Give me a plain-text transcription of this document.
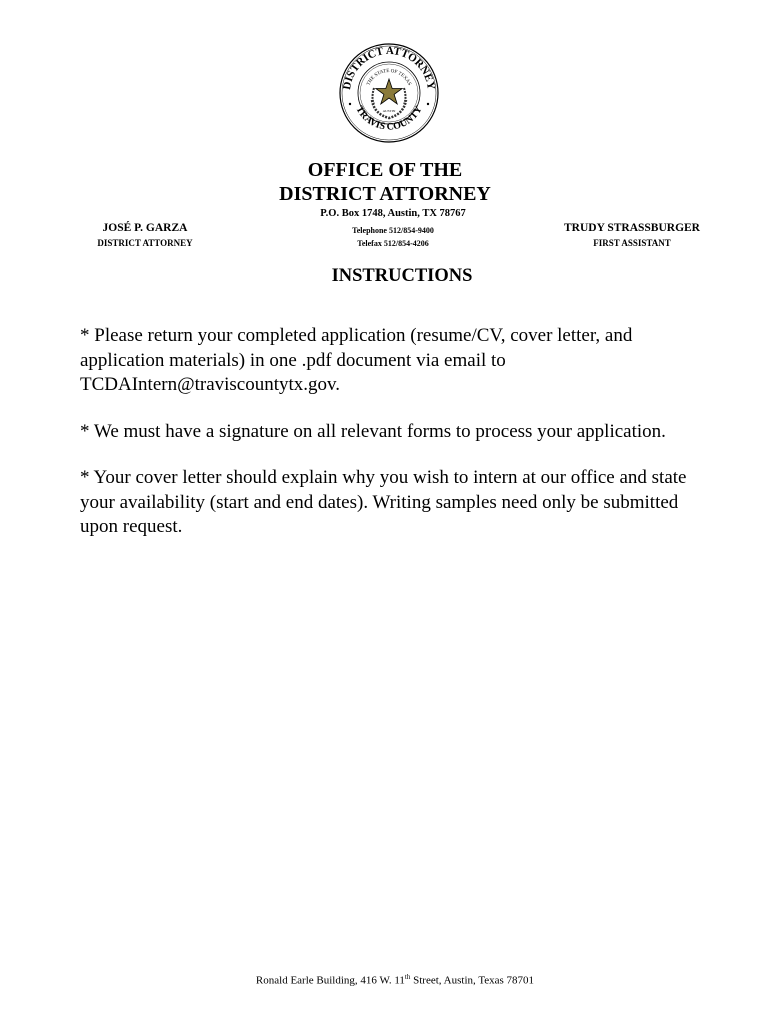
DISTRICT ATTORNEY
TRAVIS COUNTY
THE STATE OF TEXAS
AUSTIN
OFFICE OF THE
DISTRICT ATTORNEY
P.O. Box 1748, Austin, TX 78767
Telephone 512/854-9400
Telefax 512/854-4206
JOSÉ P. GARZA
DISTRICT ATTORNEY
TRUDY STRASSBURGER
FIRST ASSISTANT
INSTRUCTIONS

* Please return your completed application (resume/CV, cover letter, and application materials) in one .pdf document via email to TCDAIntern@traviscountytx.gov.

* We must have a signature on all relevant forms to process your application.

* Your cover letter should explain why you wish to intern at our office and state your availability (start and end dates). Writing samples need only be submitted upon request.

Ronald Earle Building, 416 W. 11th Street, Austin, Texas 78701
